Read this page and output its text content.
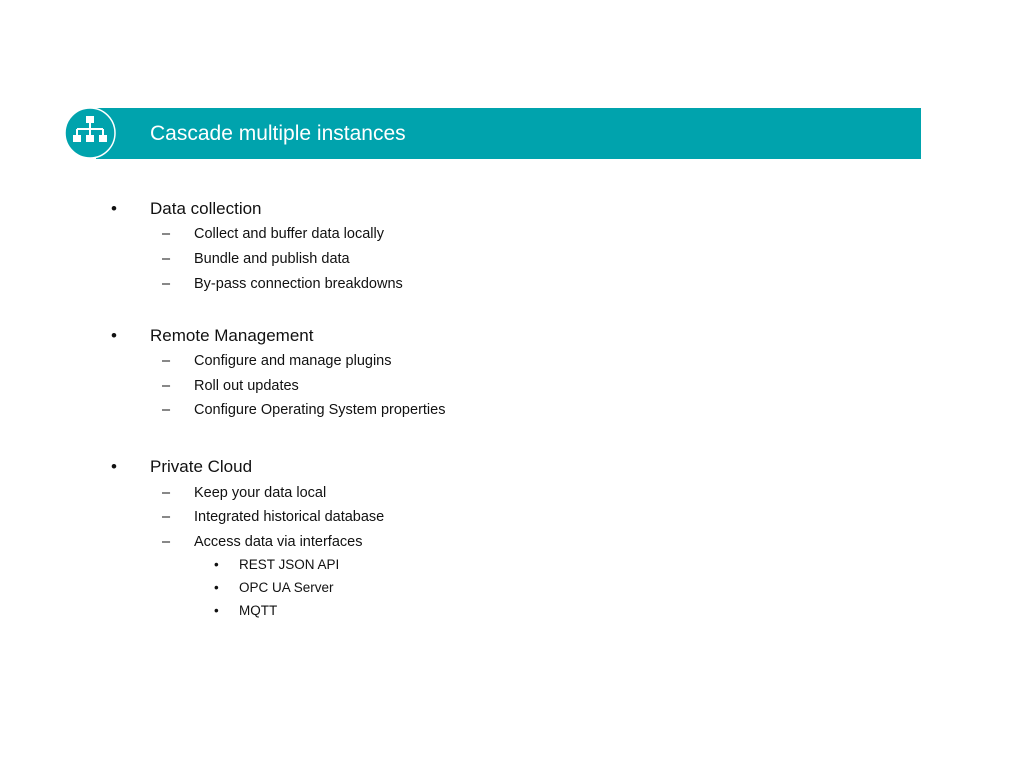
Cascade multiple instances
• Data collection
– Collect and buffer data locally
– Bundle and publish data
– By-pass connection breakdowns
• Remote Management
– Configure and manage plugins
– Roll out updates
– Configure Operating System properties
• Private Cloud
– Keep your data local
– Integrated historical database
– Access data via interfaces
• REST JSON API
• OPC UA Server
• MQTT
